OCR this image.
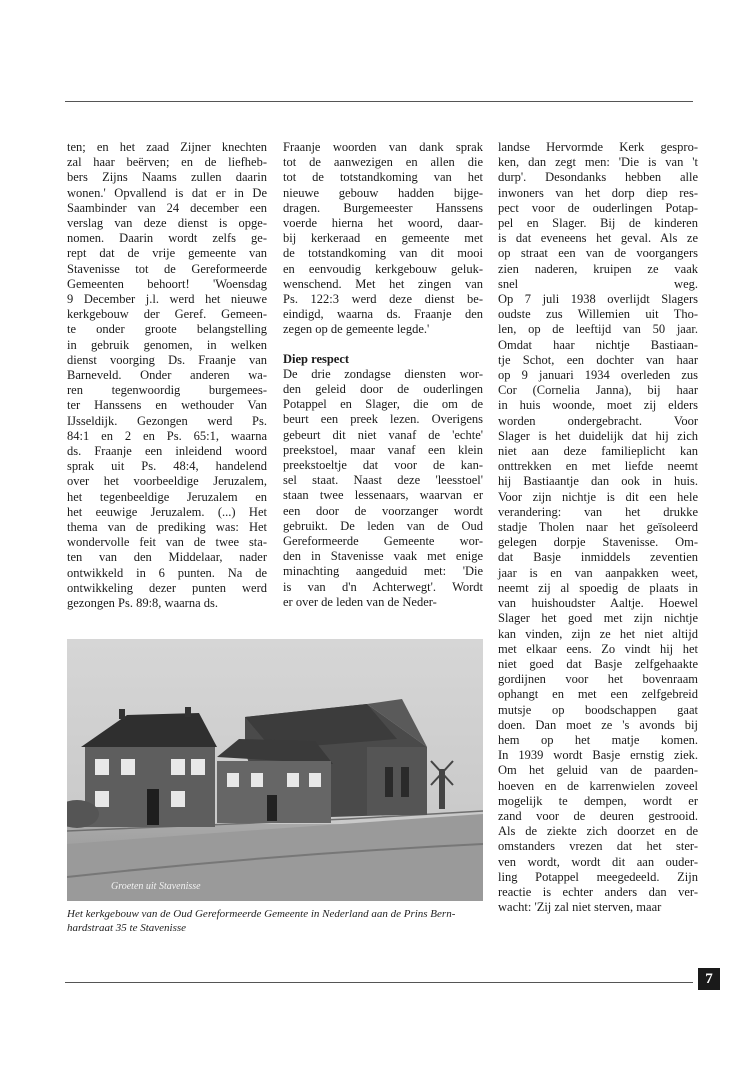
ten; en het zaad Zijner knechten
zal haar beërven; en de liefheb-
bers Zijns Naams zullen daarin
wonen.' Opvallend is dat er in De
Saambinder van 24 december een
verslag van deze dienst is opge-
nomen. Daarin wordt zelfs ge-
rept dat de vrije gemeente van
Stavenisse tot de Gereformeerde
Gemeenten behoort! 'Woensdag
9 December j.l. werd het nieuwe
kerkgebouw der Geref. Gemeen-
te onder groote belangstelling
in gebruik genomen, in welken
dienst voorging Ds. Fraanje van
Barneveld. Onder anderen wa-
ren tegenwoordig burgemees-
ter Hanssens en wethouder Van
IJsseldijk. Gezongen werd Ps.
84:1 en 2 en Ps. 65:1, waarna
ds. Fraanje een inleidend woord
sprak uit Ps. 48:4, handelend
over het voorbeeldige Jeruzalem,
het tegenbeeldige Jeruzalem en
het eeuwige Jeruzalem. (...) Het
thema van de prediking was: Het
wondervolle feit van de twee sta-
ten van den Middelaar, nader
ontwikkeld in 6 punten. Na de
ontwikkeling dezer punten werd
gezongen Ps. 89:8, waarna ds.
Fraanje woorden van dank sprak
tot de aanwezigen en allen die
tot de totstandkoming van het
nieuwe gebouw hadden bijge-
dragen. Burgemeester Hanssens
voerde hierna het woord, daar-
bij kerkeraad en gemeente met
de totstandkoming van dit mooi
en eenvoudig kerkgebouw geluk-
wenschend. Met het zingen van
Ps. 122:3 werd deze dienst be-
eindigd, waarna ds. Fraanje den
zegen op de gemeente legde.'
Diep respect
De drie zondagse diensten wor-
den geleid door de ouderlingen
Potappel en Slager, die om de
beurt een preek lezen. Overigens
gebeurt dit niet vanaf de 'echte'
preekstoel, maar vanaf een klein
preekstoeltje dat voor de kan-
sel staat. Naast deze 'leesstoel'
staan twee lessenaars, waarvan er
een door de voorzanger wordt
gebruikt. De leden van de Oud
Gereformeerde Gemeente wor-
den in Stavenisse vaak met enige
minachting aangeduid met: 'Die
is van d'n Achterwegt'. Wordt
er over de leden van de Neder-
landse Hervormde Kerk gespro-
ken, dan zegt men: 'Die is van 't
durp'. Desondanks hebben alle
inwoners van het dorp diep res-
pect voor de ouderlingen Potap-
pel en Slager. Bij de kinderen
is dat eveneens het geval. Als ze
op straat een van de voorgangers
zien naderen, kruipen ze vaak
snel weg.
Op 7 juli 1938 overlijdt Slagers
oudste zus Willemien uit Tho-
len, op de leeftijd van 50 jaar.
Omdat haar nichtje Bastiaan-
tje Schot, een dochter van haar
op 9 januari 1934 overleden zus
Cor (Cornelia Janna), bij haar
in huis woonde, moet zij elders
worden ondergebracht. Voor
Slager is het duidelijk dat hij zich
niet aan deze familieplicht kan
onttrekken en met liefde neemt
hij Bastiaantje dan ook in huis.
Voor zijn nichtje is dit een hele
verandering: van het drukke
stadje Tholen naar het geïsoleerd
gelegen dorpje Stavenisse. Om-
dat Basje inmiddels zeventien
jaar is en van aanpakken weet,
neemt zij al spoedig de plaats in
van huishoudster Aaltje. Hoewel
Slager het goed met zijn nichtje
kan vinden, zijn ze het niet altijd
met elkaar eens. Zo vindt hij het
niet goed dat Basje zelfgehaakte
gordijnen voor het bovenraam
ophangt en met een zelfgebreid
mutsje op boodschappen gaat
doen. Dan moet ze 's avonds bij
hem op het matje komen.
In 1939 wordt Basje ernstig ziek.
Om het geluid van de paarden-
hoeven en de karrenwielen zoveel
mogelijk te dempen, wordt er
zand voor de deuren gestrooid.
Als de ziekte zich doorzet en de
omstanders vrezen dat het ster-
ven wordt, wordt dit aan ouder-
ling Potappel meegedeeld. Zijn
reactie is echter anders dan ver-
wacht: 'Zij zal niet sterven, maar
Groeten uit Stavenisse
Het kerkgebouw van de Oud Gereformeerde Gemeente in Nederland aan de Prins Bern-
hardstraat 35 te Stavenisse
7
